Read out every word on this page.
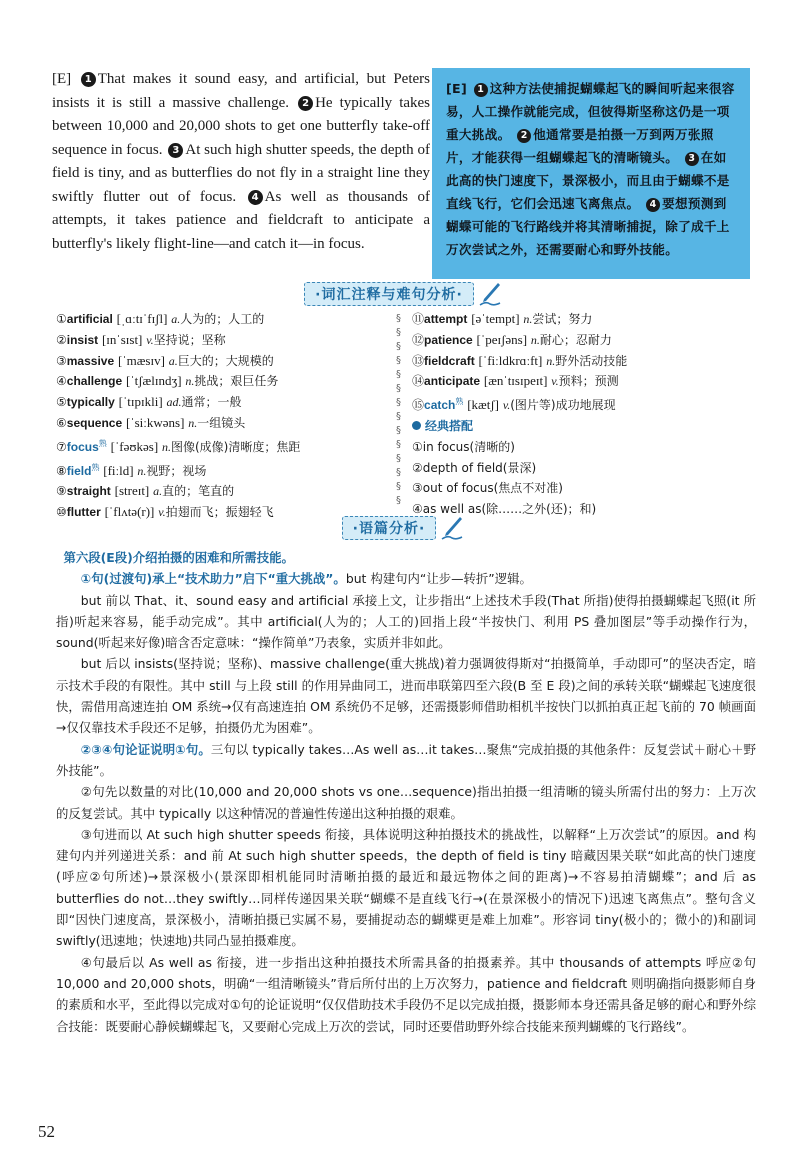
[E] 1 That makes it sound easy, and artificial, but Peters insists it is still a massive challenge. 2 He typically takes between 10,000 and 20,000 shots to get one butterfly take-off sequence in focus. 3 At such high shutter speeds, the depth of field is tiny, and as butterflies do not fly in a straight line they swiftly flutter out of focus. 4 As well as thousands of attempts, it takes patience and fieldcraft to anticipate a butterfly's likely flight-line—and catch it—in focus.
[E] 1 这种方法使捕捉蝴蝶起飞的瞬间听起来很容易，人工操作就能完成，但彼得斯坚称这仍是一项重大挑战。 2 他通常要是拍摄一万到两万张照片，才能获得一组蝴蝶起飞的清晰镜头。 3 在如此高的快门速度下，景深极小，而且由于蝴蝶不是直线飞行，它们会迅速飞离焦点。 4 要想预测到蝴蝶可能的飞行路线并将其清晰捕捉，除了成千上万次尝试之外，还需要耐心和野外技能。
·词汇注释与难句分析·
①artificial [ˌɑːtɪˈfɪʃl] a.人为的；人工的
②insist [ɪnˈsɪst] v.坚持说；坚称
③massive [ˈmæsɪv] a.巨大的；大规模的
④challenge [ˈtʃælɪndʒ] n.挑战；艰巨任务
⑤typically [ˈtɪpɪkli] ad.通常；一般
⑥sequence [ˈsiːkwəns] n.一组镜头
⑦focus$^熟$ [ˈfəʊkəs] n.图像(成像)清晰度；焦距
⑧field$^熟$ [fiːld] n.视野；视场
⑨straight [streɪt] a.直的；笔直的
⑩flutter [ˈflʌtə(r)] v.拍翅而飞；振翅轻飞
§
§
§
§
§
§
§
§
§
§
§
§
§
§
⑪attempt [əˈtempt] n.尝试；努力
⑫patience [ˈpeɪʃəns] n.耐心；忍耐力
⑬fieldcraft [ˈfiːldkrɑːft] n.野外活动技能
⑭anticipate [ænˈtɪsɪpeɪt] v.预料；预测
⑮catch$^熟$ [kætʃ] v.(图片等)成功地展现
经典搭配
①in focus(清晰的)
②depth of field(景深)
③out of focus(焦点不对准)
④as well as(除……之外(还)；和)
·语篇分析·

第六段(E段)介绍拍摄的困难和所需技能。

①句(过渡句)承上“技术助力”启下“重大挑战”。but 构建句内“让步—转折”逻辑。

but 前以 That、it、sound easy and artificial 承接上文，让步指出“上述技术手段(That 所指)使得拍摄蝴蝶起飞照(it 所指)听起来容易，能手动完成”。其中 artificial(人为的；人工的)回指上段“半按快门、利用 PS 叠加图层”等手动操作行为，sound(听起来好像)暗含否定意味：“操作简单”乃表象，实质并非如此。

but 后以 insists(坚持说；坚称)、massive challenge(重大挑战)着力强调彼得斯对“拍摄简单，手动即可”的坚决否定，暗示技术手段的有限性。其中 still 与上段 still 的作用异曲同工，进而串联第四至六段(B 至 E 段)之间的承转关联“蝴蝶起飞速度很快，需借用高速连拍 OM 系统→仅有高速连拍 OM 系统仍不足够，还需摄影师借助相机半按快门以抓拍真正起飞前的 70 帧画面→仅仅靠技术手段还不足够，拍摄仍尤为困难”。

②③④句论证说明①句。三句以 typically takes…As well as…it takes…聚焦“完成拍摄的其他条件：反复尝试＋耐心＋野外技能”。

②句先以数量的对比(10,000 and 20,000 shots vs one…sequence)指出拍摄一组清晰的镜头所需付出的努力：上万次的反复尝试。其中 typically 以这种情况的普遍性传递出这种拍摄的艰难。

③句进而以 At such high shutter speeds 衔接，具体说明这种拍摄技术的挑战性，以解释“上万次尝试”的原因。and 构建句内并列递进关系：and 前 At such high shutter speeds，the depth of field is tiny 暗藏因果关联“如此高的快门速度(呼应②句所述)→景深极小(景深即相机能同时清晰拍摄的最近和最远物体之间的距离)→不容易拍清蝴蝶”；and 后 as butterflies do not…they swiftly…同样传递因果关联“蝴蝶不是直线飞行→(在景深极小的情况下)迅速飞离焦点”。整句含义即“因快门速度高，景深极小，清晰拍摄已实属不易，要捕捉动态的蝴蝶更是难上加难”。形容词 tiny(极小的；微小的)和副词 swiftly(迅速地；快速地)共同凸显拍摄难度。

④句最后以 As well as 衔接，进一步指出这种拍摄技术所需具备的拍摄素养。其中 thousands of attempts 呼应②句 10,000 and 20,000 shots，明确“一组清晰镜头”背后所付出的上万次努力，patience and fieldcraft 则明确指向摄影师自身的素质和水平，至此得以完成对①句的论证说明“仅仅借助技术手段仍不足以完成拍摄，摄影师本身还需具备足够的耐心和野外综合技能：既要耐心静候蝴蝶起飞，又要耐心完成上万次的尝试，同时还要借助野外综合技能来预判蝴蝶的飞行路线”。

52
